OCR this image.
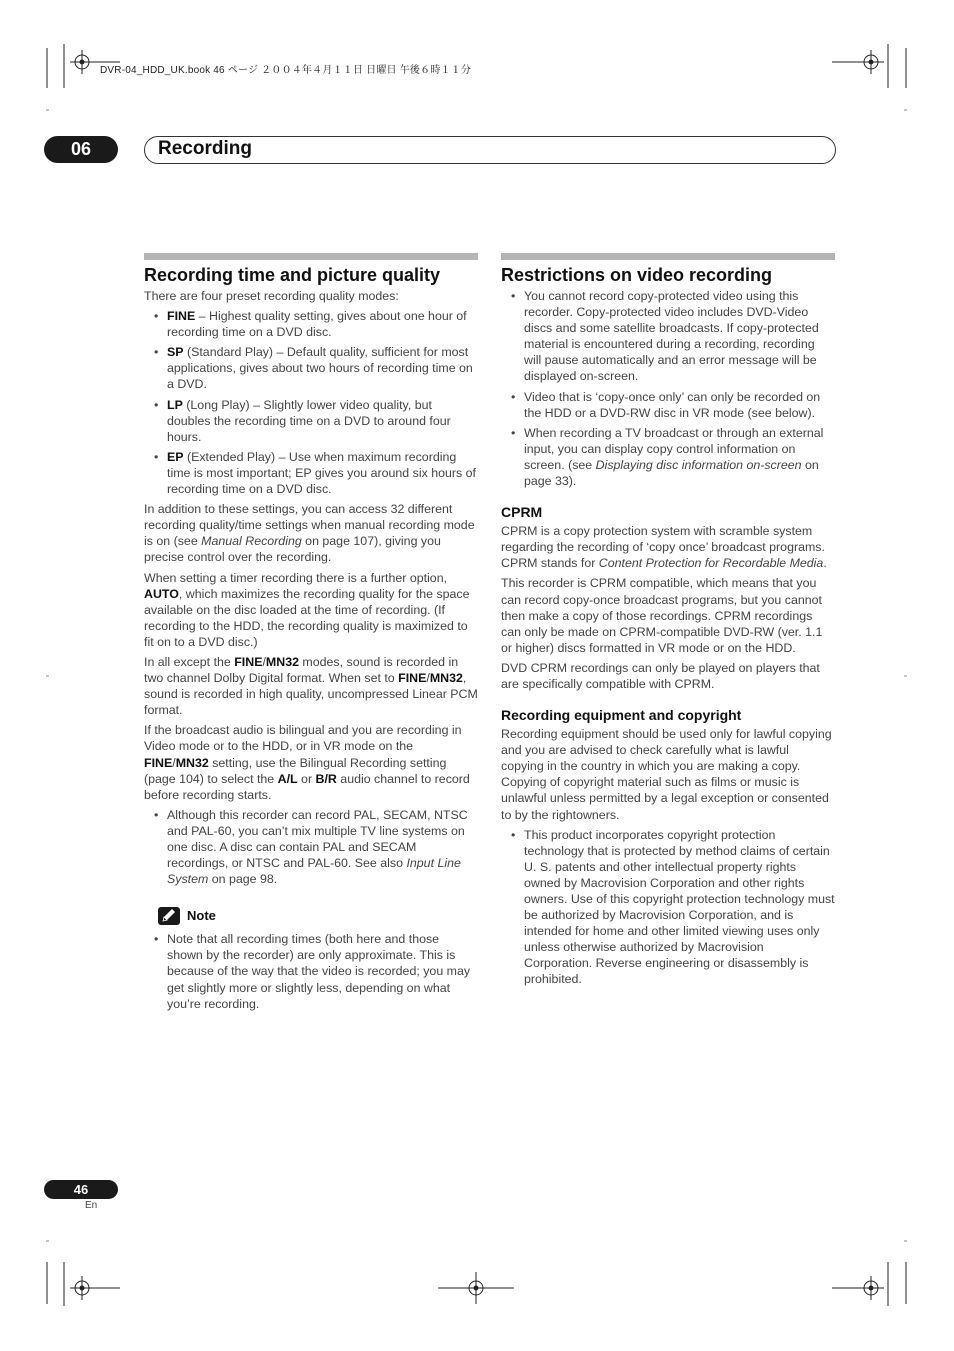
DVR-04_HDD_UK.book 46 ページ ２００４年４月１１日 日曜日 午後６時１１分
06	Recording
Recording time and picture quality

There are four preset recording quality modes:

• FINE – Highest quality setting, gives about one hour of recording time on a DVD disc.
• SP (Standard Play) – Default quality, sufficient for most applications, gives about two hours of recording time on a DVD.
• LP (Long Play) – Slightly lower video quality, but doubles the recording time on a DVD to around four hours.
• EP (Extended Play) – Use when maximum recording time is most important; EP gives you around six hours of recording time on a DVD disc.

In addition to these settings, you can access 32 different recording quality/time settings when manual recording mode is on (see Manual Recording on page 107), giving you precise control over the recording.

When setting a timer recording there is a further option, AUTO, which maximizes the recording quality for the space available on the disc loaded at the time of recording. (If recording to the HDD, the recording quality is maximized to fit on to a DVD disc.)

In all except the FINE/MN32 modes, sound is recorded in two channel Dolby Digital format. When set to FINE/MN32, sound is recorded in high quality, uncompressed Linear PCM format.

If the broadcast audio is bilingual and you are recording in Video mode or to the HDD, or in VR mode on the FINE/MN32 setting, use the Bilingual Recording setting (page 104) to select the A/L or B/R audio channel to record before recording starts.

• Although this recorder can record PAL, SECAM, NTSC and PAL-60, you can’t mix multiple TV line systems on one disc. A disc can contain PAL and SECAM recordings, or NTSC and PAL-60. See also Input Line System on page 98.
Note
• Note that all recording times (both here and those shown by the recorder) are only approximate. This is because of the way that the video is recorded; you may get slightly more or slightly less, depending on what you’re recording.
Restrictions on video recording
• You cannot record copy-protected video using this recorder. Copy-protected video includes DVD-Video discs and some satellite broadcasts. If copy-protected material is encountered during a recording, recording will pause automatically and an error message will be displayed on-screen.
• Video that is ‘copy-once only’ can only be recorded on the HDD or a DVD-RW disc in VR mode (see below).
• When recording a TV broadcast or through an external input, you can display copy control information on screen. (see Displaying disc information on-screen on page 33).
CPRM

CPRM is a copy protection system with scramble system regarding the recording of ‘copy once’ broadcast programs. CPRM stands for Content Protection for Recordable Media.

This recorder is CPRM compatible, which means that you can record copy-once broadcast programs, but you cannot then make a copy of those recordings. CPRM recordings can only be made on CPRM-compatible DVD-RW (ver. 1.1 or higher) discs formatted in VR mode or on the HDD.

DVD CPRM recordings can only be played on players that are specifically compatible with CPRM.

Recording equipment and copyright

Recording equipment should be used only for lawful copying and you are advised to check carefully what is lawful copying in the country in which you are making a copy. Copying of copyright material such as films or music is unlawful unless permitted by a legal exception or consented to by the rightowners.

• This product incorporates copyright protection technology that is protected by method claims of certain U. S. patents and other intellectual property rights owned by Macrovision Corporation and other rights owners. Use of this copyright protection technology must be authorized by Macrovision Corporation, and is intended for home and other limited viewing uses only unless otherwise authorized by Macrovision Corporation. Reverse engineering or disassembly is prohibited.
46
En
